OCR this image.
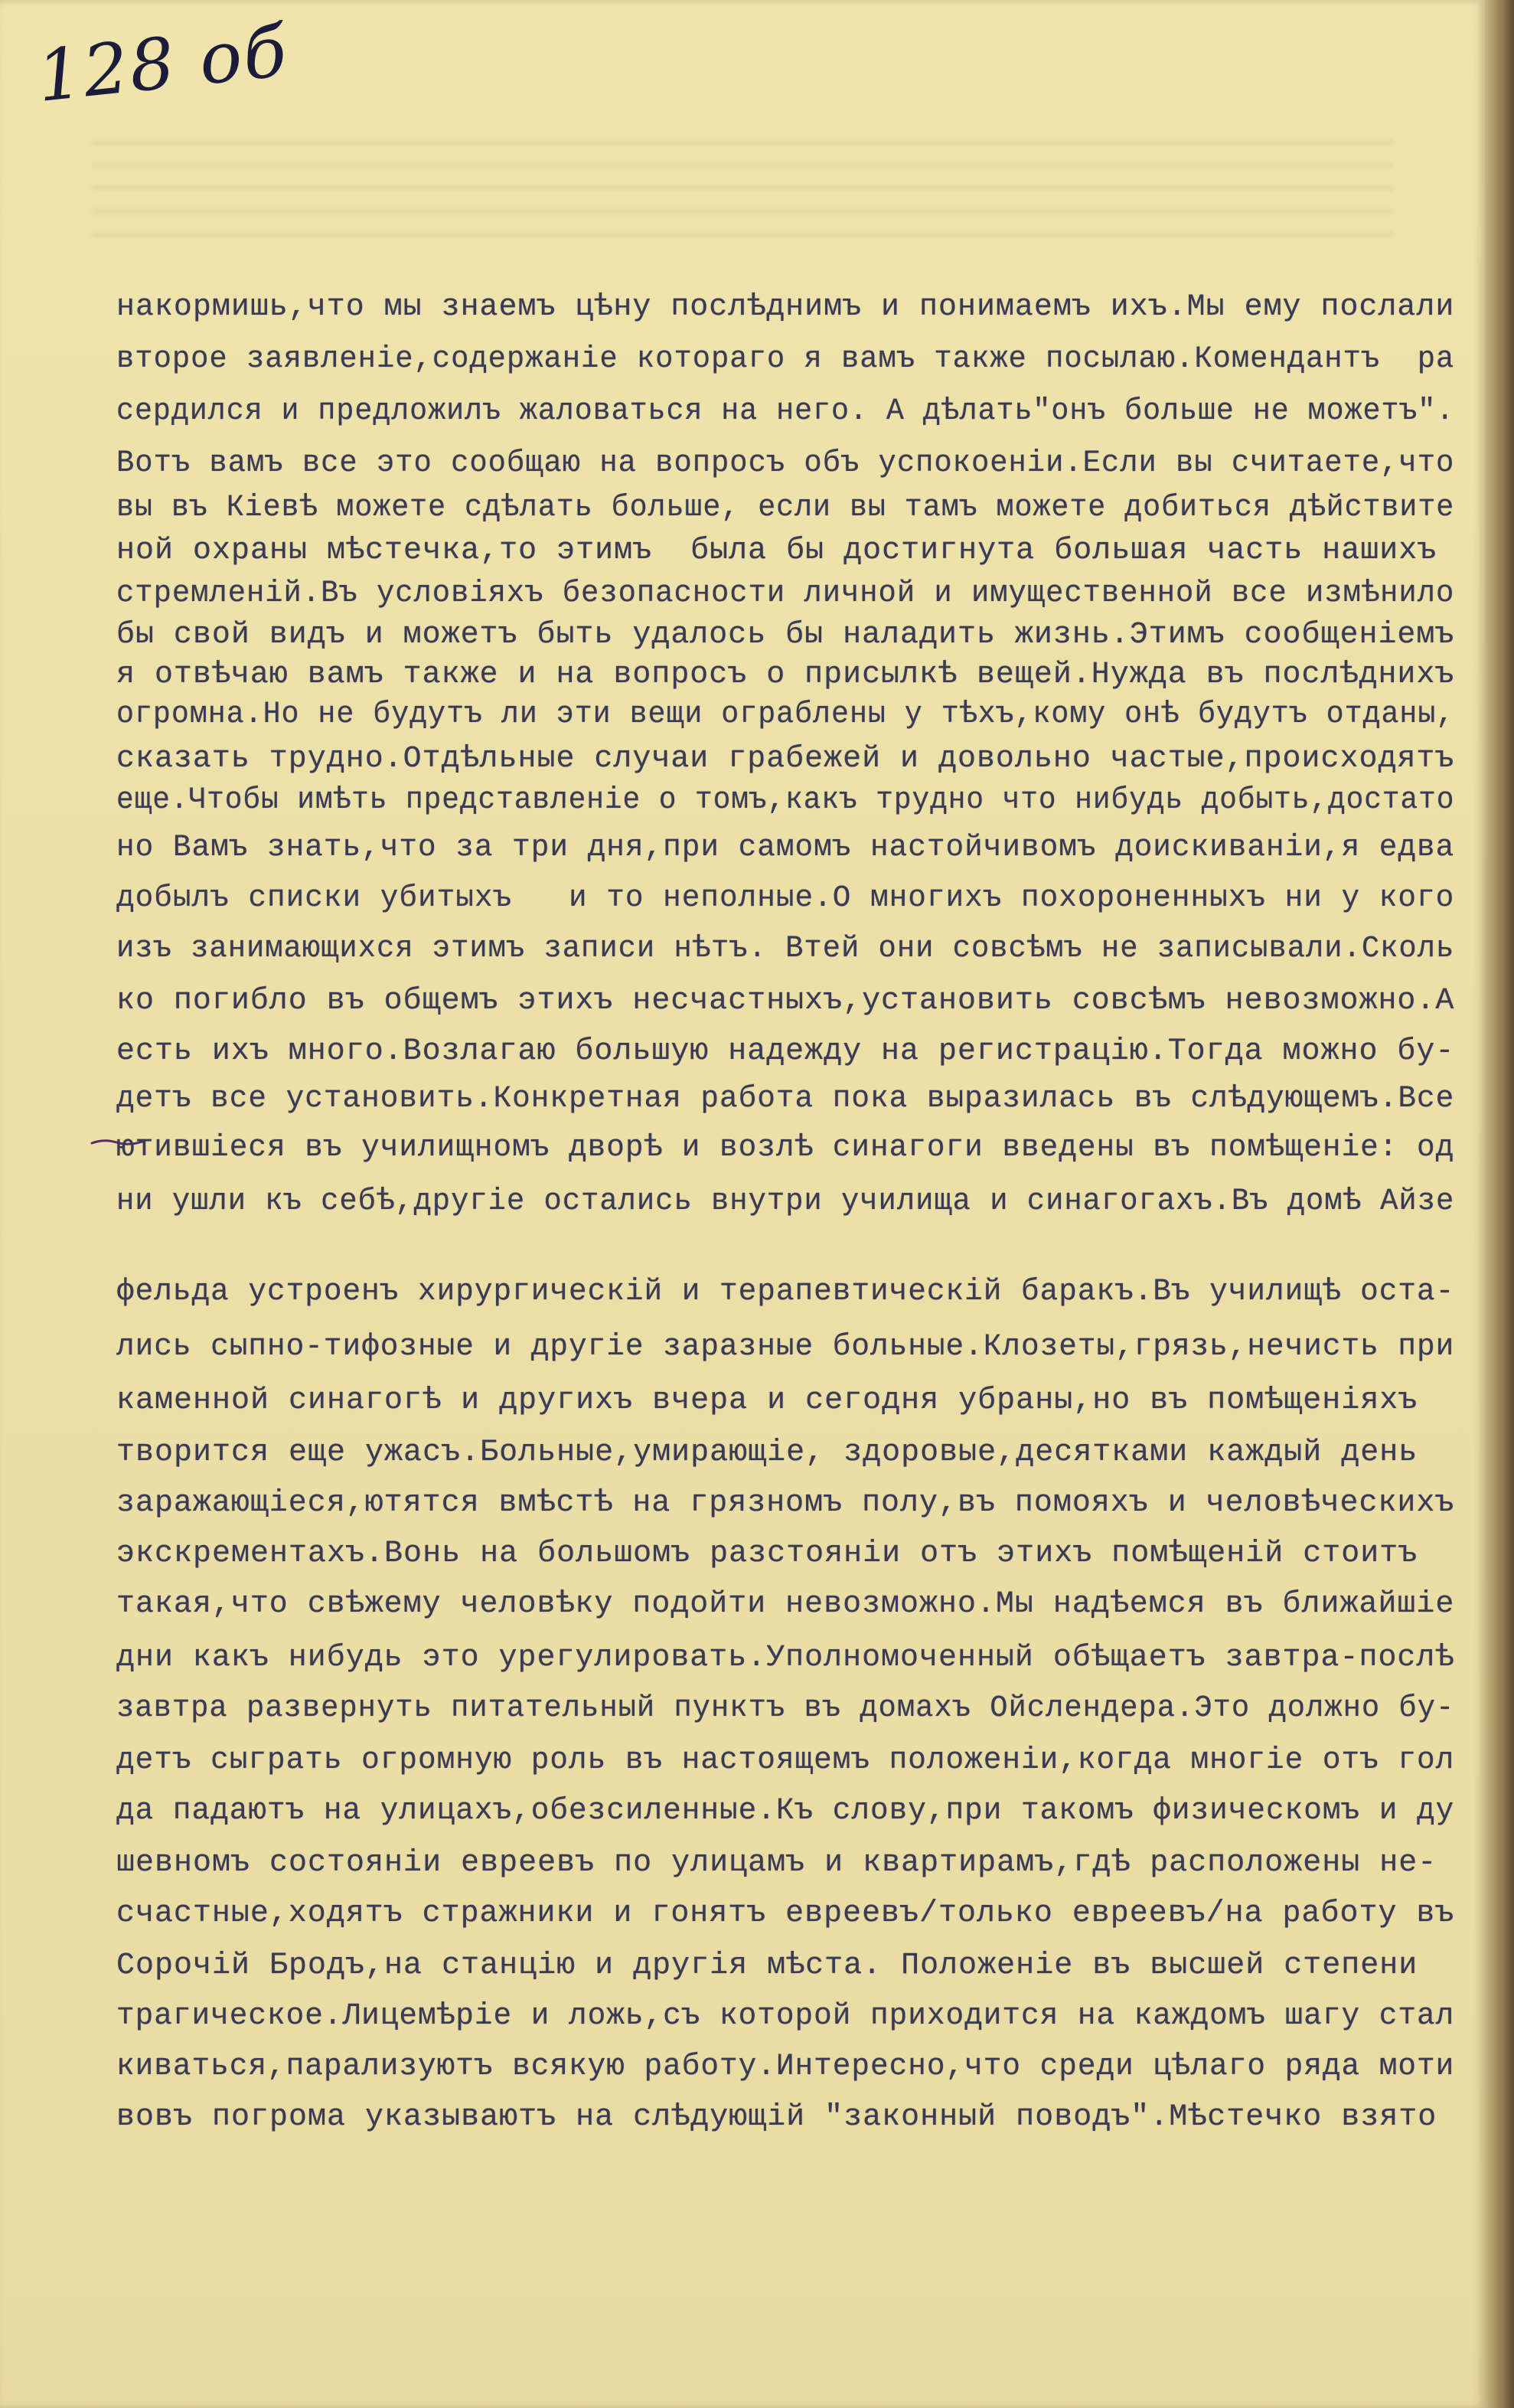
128 об
накормишь,что мы знаемъ цѣну послѣднимъ и понимаемъ ихъ.Мы ему послали
второе заявленіе,содержаніе котораго я вамъ также посылаю.Комендантъ  ра
сердился и предложилъ жаловаться на него. А дѣлать"онъ больше не можетъ".
Вотъ вамъ все это сообщаю на вопросъ объ успокоеніи.Если вы считаете,что
вы въ Кіевѣ можете сдѣлать больше, если вы тамъ можете добиться дѣйствите
ной охраны мѣстечка,то этимъ  была бы достигнута большая часть нашихъ
стремленій.Въ условіяхъ безопасности личной и имущественной все измѣнило
бы свой видъ и можетъ быть удалось бы наладить жизнь.Этимъ сообщеніемъ
я отвѣчаю вамъ также и на вопросъ о присылкѣ вещей.Нужда въ послѣднихъ
огромна.Но не будутъ ли эти вещи ограблены у тѣхъ,кому онѣ будутъ отданы,
сказать трудно.Отдѣльные случаи грабежей и довольно частые,происходятъ
еще.Чтобы имѣть представленіе о томъ,какъ трудно что нибудь добыть,достато
но Вамъ знать,что за три дня,при самомъ настойчивомъ доискиваніи,я едва
добылъ списки убитыхъ   и то неполные.О многихъ похороненныхъ ни у кого
изъ занимающихся этимъ записи нѣтъ. Втей они совсѣмъ не записывали.Сколь
ко погибло въ общемъ этихъ несчастныхъ,установить совсѣмъ невозможно.А
есть ихъ много.Возлагаю большую надежду на регистрацію.Тогда можно бу-
детъ все установить.Конкретная работа пока выразилась въ слѣдующемъ.Все
ютившіеся въ училищномъ дворѣ и возлѣ синагоги введены въ помѣщеніе: од
ни ушли къ себѣ,другіе остались внутри училища и синагогахъ.Въ домѣ Айзе
фельда устроенъ хирургическій и терапевтическій баракъ.Въ училищѣ оста-
лись сыпно-тифозные и другіе заразные больные.Клозеты,грязь,нечисть при
каменной синагогѣ и другихъ вчера и сегодня убраны,но въ помѣщеніяхъ
творится еще ужасъ.Больные,умирающіе, здоровые,десятками каждый день
заражающіеся,ютятся вмѣстѣ на грязномъ полу,въ помояхъ и человѣческихъ
экскрементахъ.Вонь на большомъ разстояніи отъ этихъ помѣщеній стоитъ
такая,что свѣжему человѣку подойти невозможно.Мы надѣемся въ ближайшіе
дни какъ нибудь это урегулировать.Уполномоченный обѣщаетъ завтра-послѣ
завтра развернуть питательный пунктъ въ домахъ Ойслендера.Это должно бу-
детъ сыграть огромную роль въ настоящемъ положеніи,когда многіе отъ гол
да падаютъ на улицахъ,обезсиленные.Къ слову,при такомъ физическомъ и ду
шевномъ состояніи евреевъ по улицамъ и квартирамъ,гдѣ расположены не-
счастные,ходятъ стражники и гонятъ евреевъ/только евреевъ/на работу въ
Сорочій Бродъ,на станцію и другія мѣста. Положеніе въ высшей степени
трагическое.Лицемѣріе и ложь,съ которой приходится на каждомъ шагу стал
киваться,парализуютъ всякую работу.Интересно,что среди цѣлаго ряда моти
вовъ погрома указываютъ на слѣдующій "законный поводъ".Мѣстечко взято
